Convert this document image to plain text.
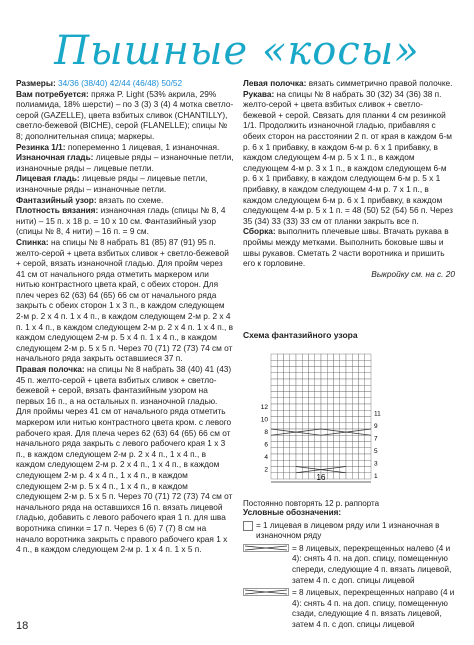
Пышные «косы»

Размеры: 34/36 (38/40) 42/44 (46/48) 50/52

Вам потребуется: пряжа P. Light (53% акрила, 29% полиамида, 18% шерсти) – по 3 (3) 3 (4) 4 мотка светло-серой (GAZELLE), цвета взбитых сливок (CHANTILLY), светло-бежевой (BICHE), серой (FLANELLE); спицы № 8; дополнительная спица; маркеры.

Резинка 1/1: попеременно 1 лицевая, 1 изнаночная.

Изнаночная гладь: лицевые ряды – изнаночные петли, изнаночные ряды – лицевые петли.

Лицевая гладь: лицевые ряды – лицевые петли, изнаночные ряды – изнаночные петли.

Фантазийный узор: вязать по схеме.

Плотность вязания: изнаночная гладь (спицы № 8, 4 нити) – 15 п. х 18 р. = 10 х 10 см. Фантазийный узор (спицы № 8, 4 нити) – 16 п. = 9 см.

Спинка: на спицы № 8 набрать 81 (85) 87 (91) 95 п. желто-серой + цвета взбитых сливок + светло-бежевой + серой, вязать изнаночной гладью. Для пройм через 41 см от начального ряда отметить маркером или нитью контрастного цвета край, с обеих сторон. Для плеч через 62 (63) 64 (65) 66 см от начального ряда закрыть с обеих сторон 1 х 3 п., в каждом следующем 2-м р. 2 х 4 п. 1 х 4 п., в каждом следующем 2-м р. 2 х 4 п. 1 х 4 п., в каждом следующем 2-м р. 2 х 4 п. 1 х 4 п., в каждом следующем 2-м р. 5 х 4 п. 1 х 4 п., в каждом следующем 2-м р. 5 х 5 п. Через 70 (71) 72 (73) 74 см от начального ряда закрыть оставшиеся 37 п.

Правая полочка: на спицы № 8 набрать 38 (40) 41 (43) 45 п. желто-серой + цвета взбитых сливок + светло-бежевой + серой, вязать фантазийным узором на первых 16 п., а на остальных п. изнаночной гладью. Для проймы через 41 см от начального ряда отметить маркером или нитью контрастного цвета кром. с левого рабочего края. Для плеча через 62 (63) 64 (65) 66 см от начального ряда закрыть с левого рабочего края 1 х 3 п., в каждом следующем 2-м р. 2 х 4 п., 1 х 4 п., в каждом следующем 2-м р. 2 х 4 п., 1 х 4 п., в каждом следующем 2-м р. 4 х 4 п., 1 х 4 п., в каждом следующем 2-м р. 5 х 4 п., 1 х 4 п., в каждом следующем 2-м р. 5 х 5 п. Через 70 (71) 72 (73) 74 см от начального ряда на оставшихся 16 п. вязать лицевой гладью, добавить с левого рабочего края 1 п. для шва воротника спинки = 17 п. Через 6 (6) 7 (7) 8 см на начало воротника закрыть с правого рабочего края 1 х 4 п., в каждом следующем 2-м р. 1 х 4 п. 1 х 5 п.

Левая полочка: вязать симметрично правой полочке.

Рукава: на спицы № 8 набрать 30 (32) 34 (36) 38 п. желто-серой + цвета взбитых сливок + светло-бежевой + серой. Связать для планки 4 см резинкой 1/1. Продолжить изнаночной гладью, прибавляя с обеих сторон на расстоянии 2 п. от края в каждом 6-м р. 6 х 1 прибавку, в каждом 6-м р. 6 х 1 прибавку, в каждом следующем 4-м р. 5 х 1 п., в каждом следующем 4-м р. 3 х 1 п., в каждом следующем 6-м р. 6 х 1 прибавку, в каждом следующем 6-м р. 5 х 1 прибавку, в каждом следующем 4-м р. 7 х 1 п., в каждом следующем 6-м р. 6 х 1 прибавку, в каждом следующем 4-м р. 5 х 1 п. = 48 (50) 52 (54) 56 п. Через 35 (34) 33 (33) 33 см от планки закрыть все п.

Сборка: выполнить плечевые швы. Втачать рукава в проймы между метками. Выполнить боковые швы и швы рукавов. Сметать 2 части воротника и пришить его к горловине.

Выкройку см. на с. 20

Схема фантазийного узора
12
10
8
6
4
2
11
9
7
5
3
1
16
Постоянно повторять 12 р. раппорта
Условные обозначения:
= 1 лицевая в лицевом ряду или 1 изнаночная в изнаночном ряду
= 8 лицевых, перекрещенных налево (4 и 4): снять 4 п. на доп. спицу, помещенную спереди, следующие 4 п. вязать лицевой, затем 4 п. с доп. спицы лицевой
= 8 лицевых, перекрещенных направо (4 и 4): снять 4 п. на доп. спицу, помещенную сзади, следующие 4 п. вязать лицевой, затем 4 п. с доп. спицы лицевой
18
